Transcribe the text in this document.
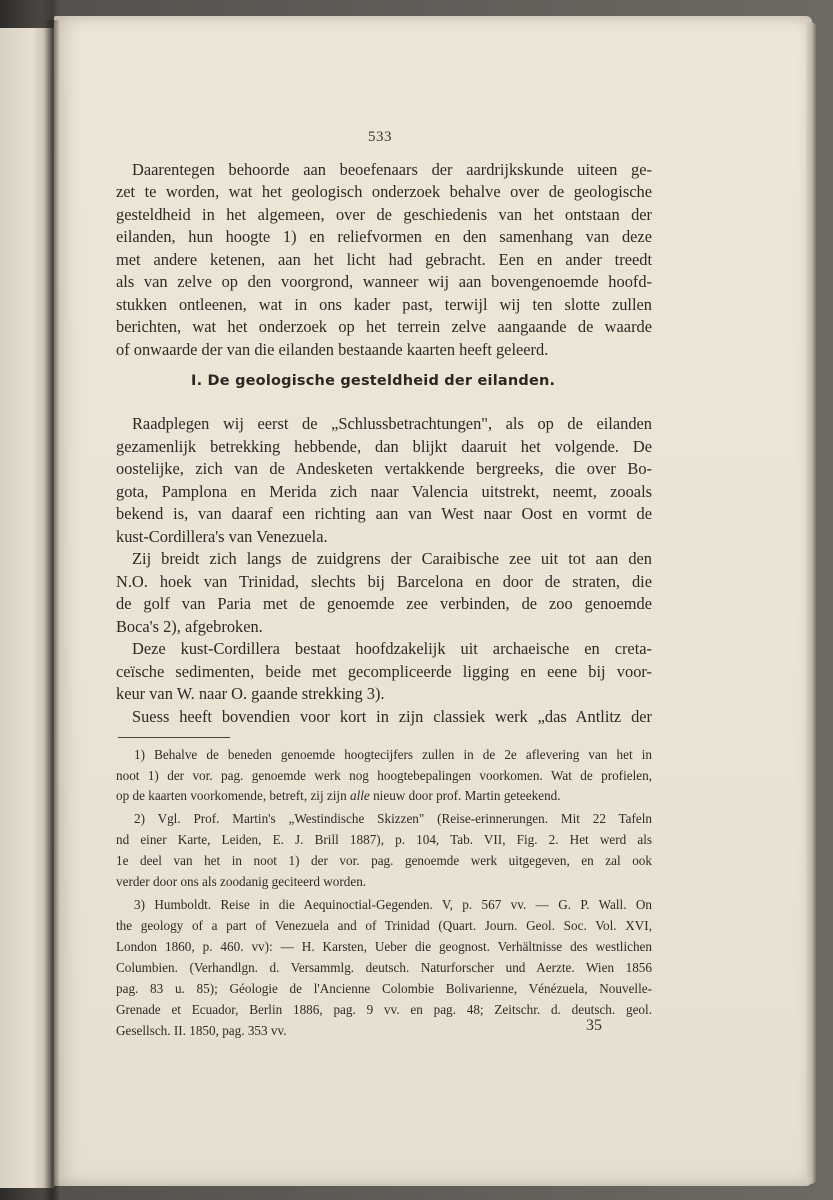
533
Daarentegen behoorde aan beoefenaars der aardrijkskunde uiteen ge-
zet te worden, wat het geologisch onderzoek behalve over de geologische
gesteldheid in het algemeen, over de geschiedenis van het ontstaan der
eilanden, hun hoogte 1) en reliefvormen en den samenhang van deze
met andere ketenen, aan het licht had gebracht. Een en ander treedt
als van zelve op den voorgrond, wanneer wij aan bovengenoemde hoofd-
stukken ontleenen, wat in ons kader past, terwijl wij ten slotte zullen
berichten, wat het onderzoek op het terrein zelve aangaande de waarde
of onwaarde der van die eilanden bestaande kaarten heeft geleerd.
I. De geologische gesteldheid der eilanden.
Raadplegen wij eerst de „Schlussbetrachtungen", als op de eilanden
gezamenlijk betrekking hebbende, dan blijkt daaruit het volgende. De
oostelijke, zich van de Andesketen vertakkende bergreeks, die over Bo-
gota, Pamplona en Merida zich naar Valencia uitstrekt, neemt, zooals
bekend is, van daaraf een richting aan van West naar Oost en vormt de
kust-Cordillera's van Venezuela.
Zij breidt zich langs de zuidgrens der Caraibische zee uit tot aan den
N.O. hoek van Trinidad, slechts bij Barcelona en door de straten, die
de golf van Paria met de genoemde zee verbinden, de zoo genoemde
Boca's 2), afgebroken.
Deze kust-Cordillera bestaat hoofdzakelijk uit archaeische en creta-
ceïsche sedimenten, beide met gecompliceerde ligging en eene bij voor-
keur van W. naar O. gaande strekking 3).
Suess heeft bovendien voor kort in zijn classiek werk „das Antlitz der
1) Behalve de beneden genoemde hoogtecijfers zullen in de 2e aflevering van het in
noot 1) der vor. pag. genoemde werk nog hoogtebepalingen voorkomen. Wat de profielen,
op de kaarten voorkomende, betreft, zij zijn alle nieuw door prof. Martin geteekend.
2) Vgl. Prof. Martin's „Westindische Skizzen" (Reise-erinnerungen. Mit 22 Tafeln
nd einer Karte, Leiden, E. J. Brill 1887), p. 104, Tab. VII, Fig. 2. Het werd als
1e deel van het in noot 1) der vor. pag. genoemde werk uitgegeven, en zal ook
verder door ons als zoodanig geciteerd worden.
3) Humboldt. Reise in die Aequinoctial-Gegenden. V, p. 567 vv. — G. P. Wall. On
the geology of a part of Venezuela and of Trinidad (Quart. Journ. Geol. Soc. Vol. XVI,
London 1860, p. 460. vv): — H. Karsten, Ueber die geognost. Verhältnisse des westlichen
Columbien. (Verhandlgn. d. Versammlg. deutsch. Naturforscher und Aerzte. Wien 1856
pag. 83 u. 85); Géologie de l'Ancienne Colombie Bolivarienne, Vénézuela, Nouvelle-
Grenade et Ecuador, Berlin 1886, pag. 9 vv. en pag. 48; Zeitschr. d. deutsch. geol.
Gesellsch. II. 1850, pag. 353 vv.	35
